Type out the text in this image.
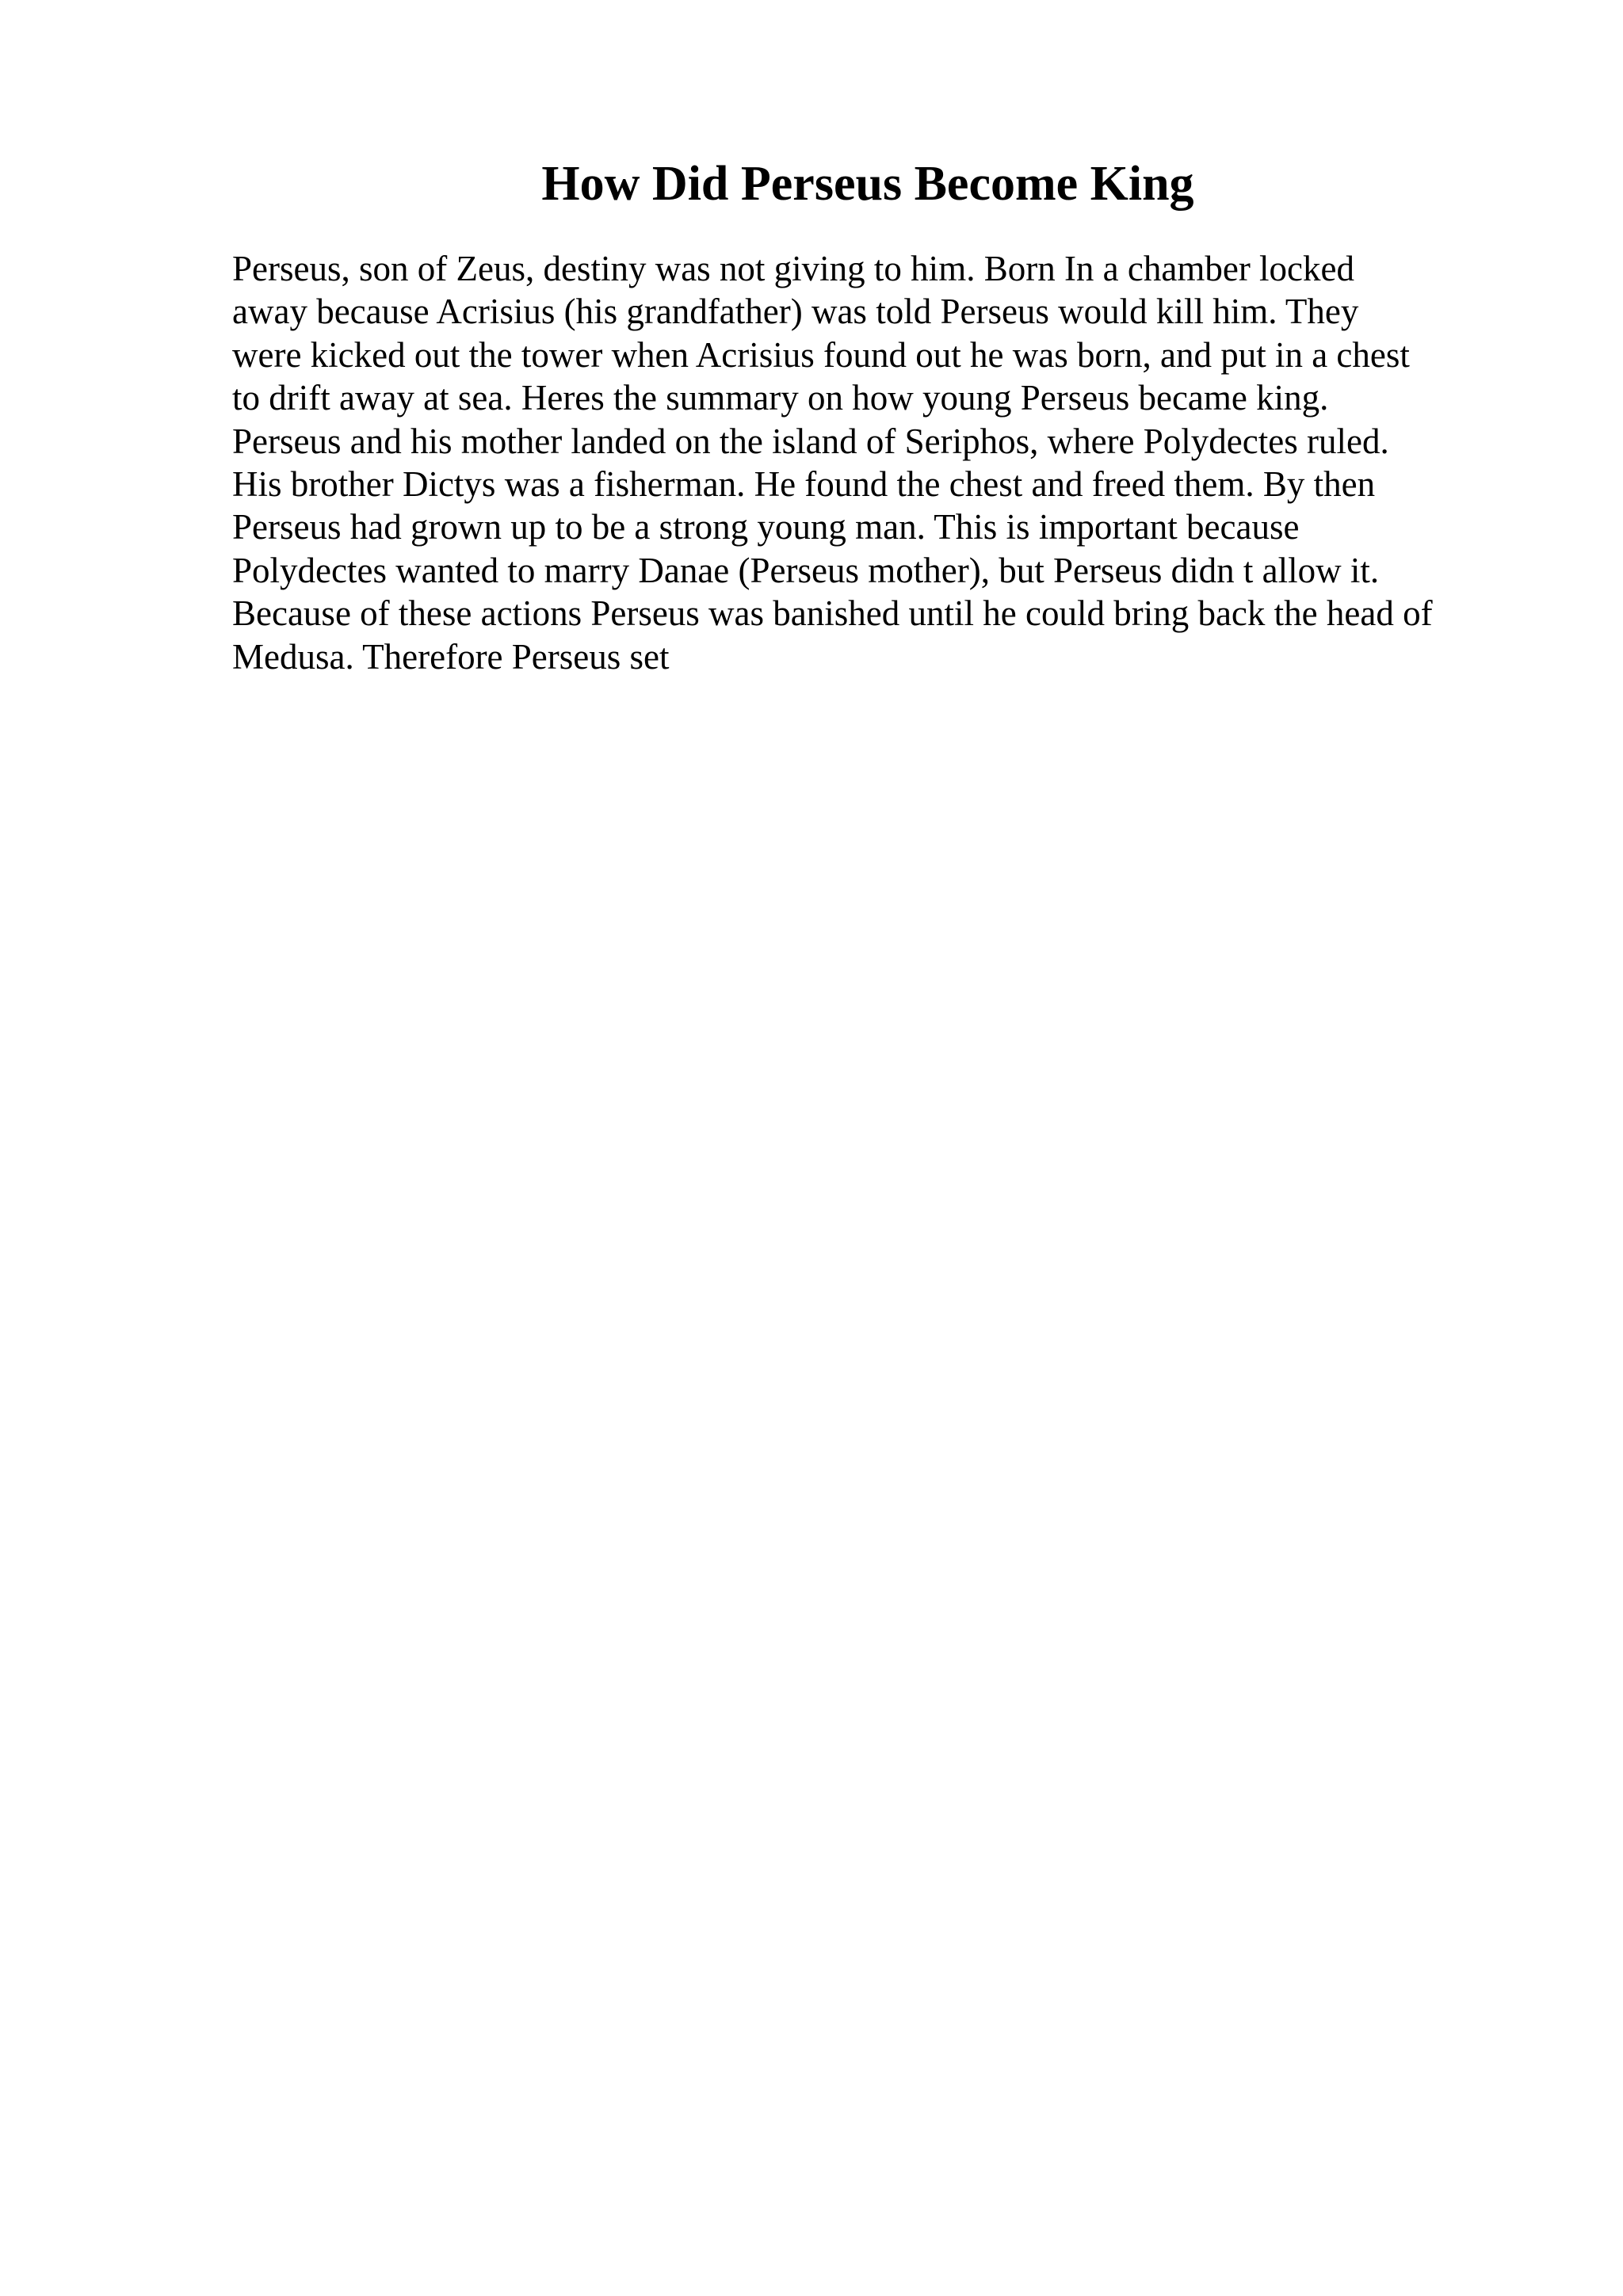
How Did Perseus Become King
Perseus, son of Zeus, destiny was not giving to him. Born In a chamber locked
away because Acrisius (his grandfather) was told Perseus would kill him. They
were kicked out the tower when Acrisius found out he was born, and put in a chest
to drift away at sea. Heres the summary on how young Perseus became king.
Perseus and his mother landed on the island of Seriphos, where Polydectes ruled.
His brother Dictys was a fisherman. He found the chest and freed them. By then
Perseus had grown up to be a strong young man. This is important because
Polydectes wanted to marry Danae (Perseus mother), but Perseus didn t allow it.
Because of these actions Perseus was banished until he could bring back the head of
Medusa. Therefore Perseus set
